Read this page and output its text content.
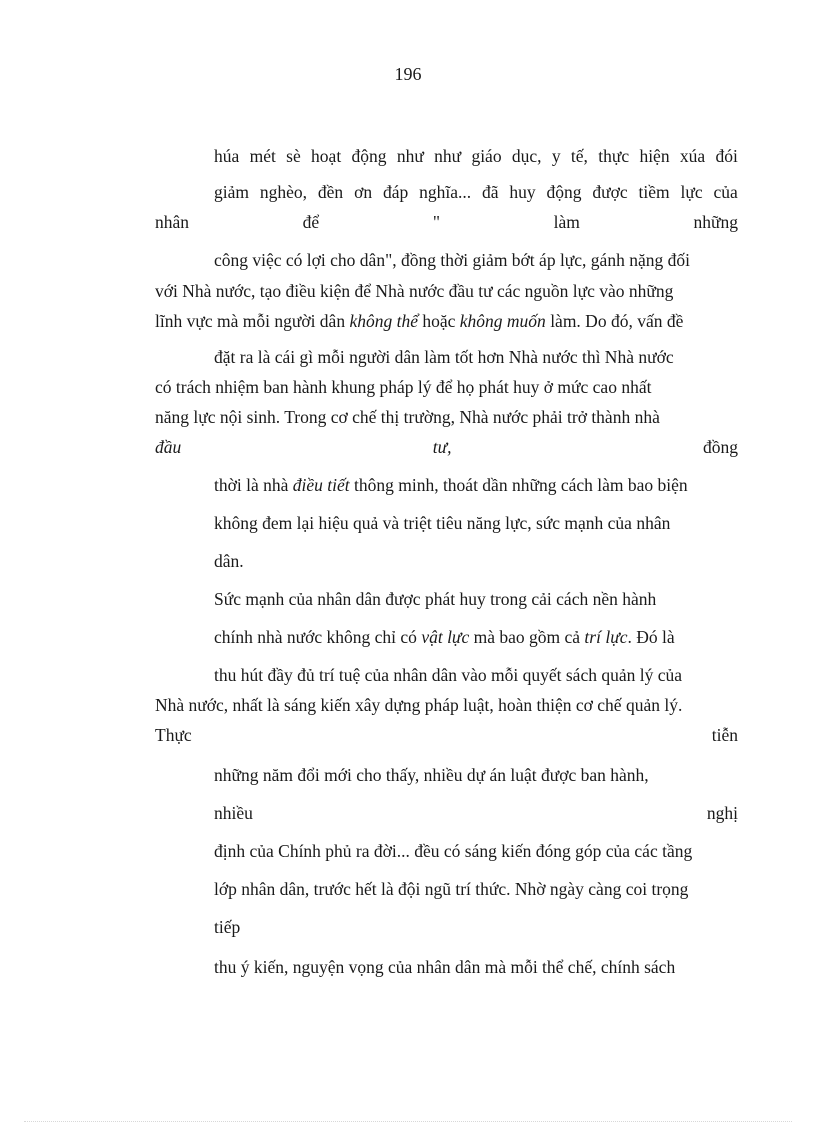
196
húa mét sè hoạt động như như giáo dục, y tế, thực hiện xúa đói
giảm nghèo, đền ơn đáp nghĩa... đã huy động được tiềm lực của
nhân	để	"	làm	những
công việc có lợi cho dân", đồng thời giảm bớt áp lực, gánh nặng đối
với Nhà nước, tạo điều kiện để Nhà nước đầu tư các nguồn lực vào những
lĩnh vực mà mỗi người dân không thể hoặc không muốn làm. Do đó, vấn đề
đặt ra là cái gì mỗi người dân làm tốt hơn Nhà nước thì Nhà nước
có trách nhiệm ban hành khung pháp lý để họ phát huy ở mức cao nhất
năng lực nội sinh. Trong cơ chế thị trường, Nhà nước phải trở thành nhà
đầu	tư,	đồng
thời là nhà điều tiết thông minh, thoát dần những cách làm bao biện
không đem lại hiệu quả và triệt tiêu năng lực, sức mạnh của nhân
dân.
Sức mạnh của nhân dân được phát huy trong cải cách nền hành
chính nhà nước không chỉ có vật lực mà bao gồm cả trí lực. Đó là
thu hút đầy đủ trí tuệ của nhân dân vào mỗi quyết sách quản lý của
Nhà nước, nhất là sáng kiến xây dựng pháp luật, hoàn thiện cơ chế quản lý.
Thực	tiễn
những năm đổi mới cho thấy, nhiều dự án luật được ban hành,
nhiều	nghị
định của Chính phủ ra đời... đều có sáng kiến đóng góp của các tầng
lớp nhân dân, trước hết là đội ngũ trí thức. Nhờ ngày càng coi trọng
tiếp
thu ý kiến, nguyện vọng của nhân dân mà mỗi thể chế, chính sách
